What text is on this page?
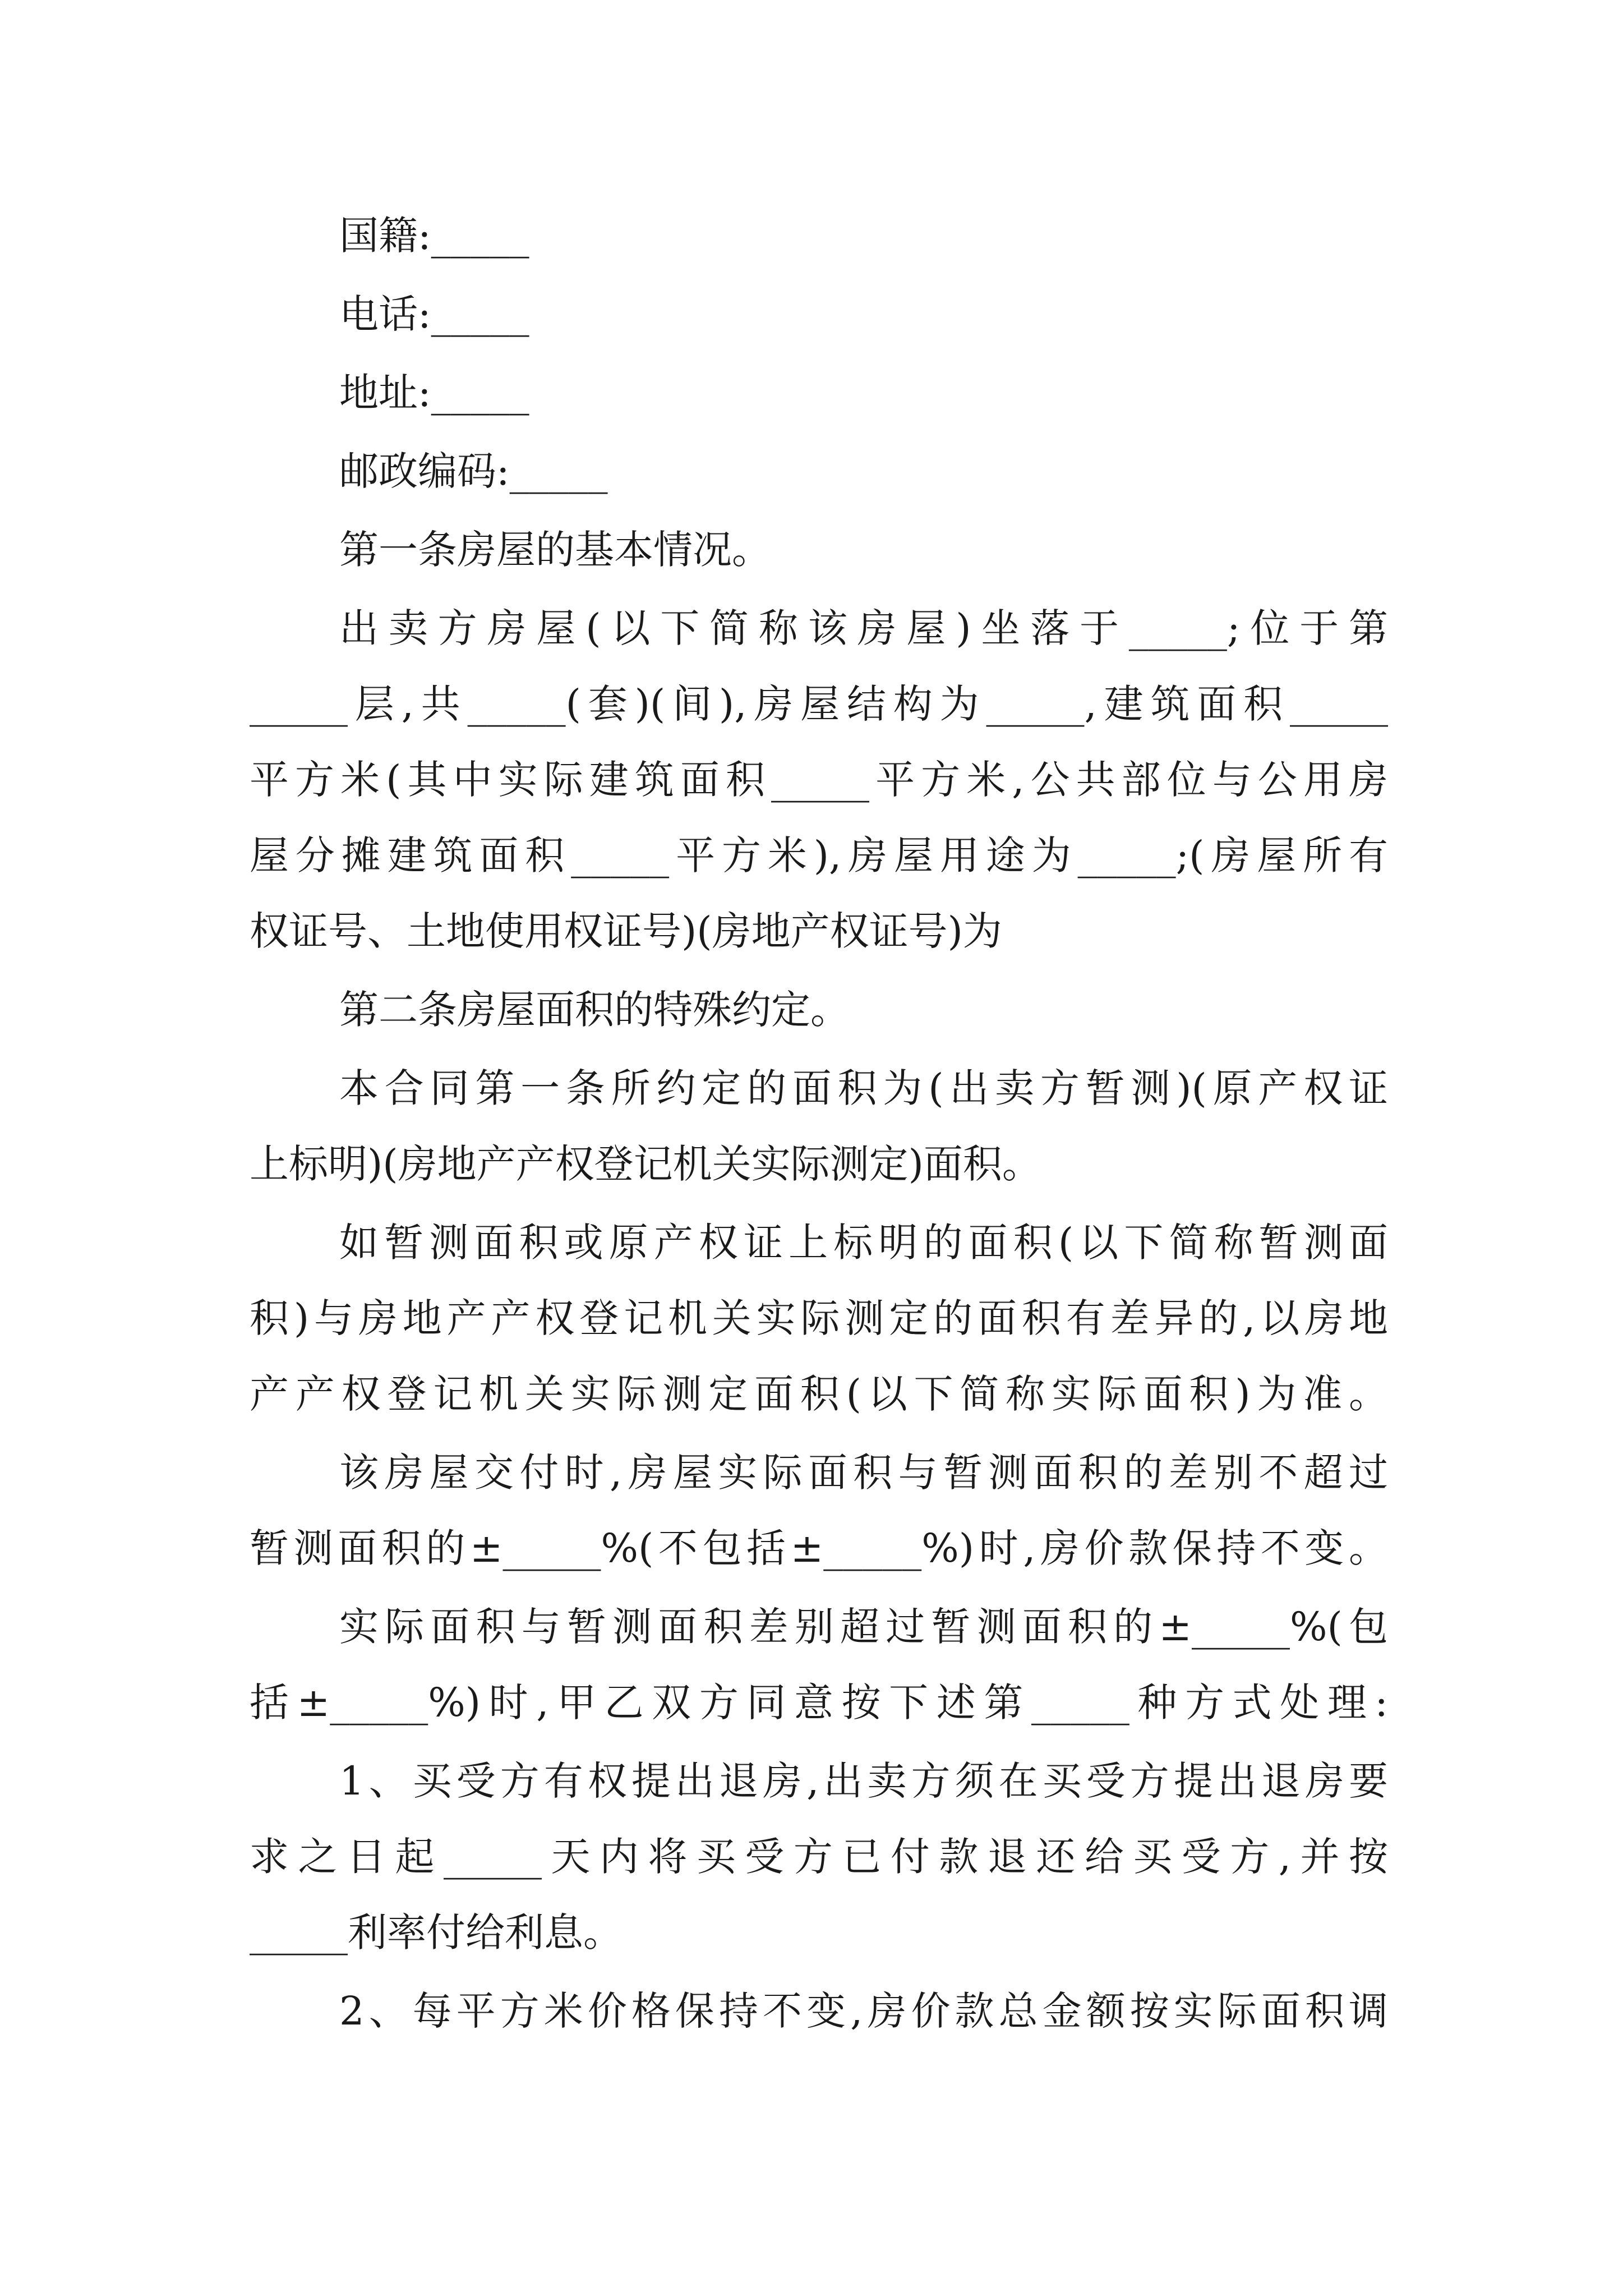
国籍:_____

电话:_____

地址:_____

邮政编码:_____

第一条房屋的基本情况。

出卖方房屋(以下简称该房屋)坐落于_____;位于第

_____层,共_____(套)(间),房屋结构为_____,建筑面积_____

平方米(其中实际建筑面积_____平方米,公共部位与公用房

屋分摊建筑面积_____平方米),房屋用途为_____;(房屋所有

权证号、土地使用权证号)(房地产权证号)为

第二条房屋面积的特殊约定。

本合同第一条所约定的面积为(出卖方暂测)(原产权证

上标明)(房地产产权登记机关实际测定)面积。

如暂测面积或原产权证上标明的面积(以下简称暂测面

积)与房地产产权登记机关实际测定的面积有差异的,以房地

产产权登记机关实际测定面积(以下简称实际面积)为准。

该房屋交付时,房屋实际面积与暂测面积的差别不超过

暂测面积的±_____%(不包括±_____%)时,房价款保持不变。

实际面积与暂测面积差别超过暂测面积的±_____%(包

括±_____%)时,甲乙双方同意按下述第_____种方式处理:

1、买受方有权提出退房,出卖方须在买受方提出退房要

求之日起_____天内将买受方已付款退还给买受方,并按

_____利率付给利息。

2、每平方米价格保持不变,房价款总金额按实际面积调
